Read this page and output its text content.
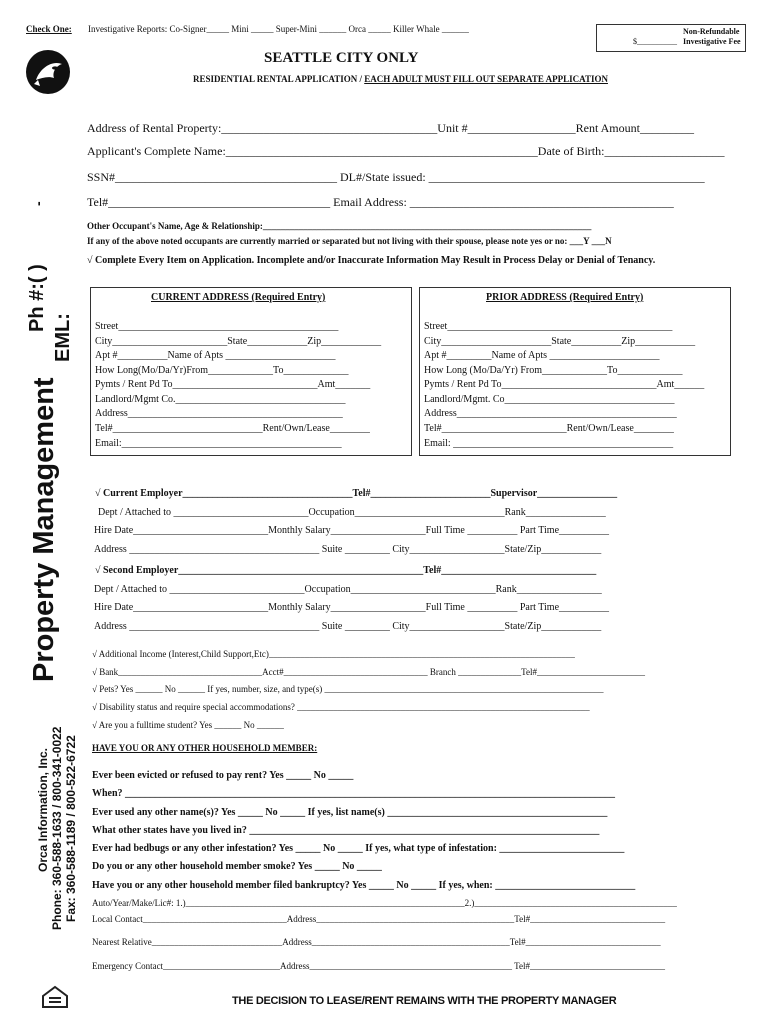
Check One: Investigative Reports: Co-Signer_____ Mini _____ Super-Mini ______ Orca _____ Killer Whale ______	Non-Refundable
$__________ Investigative Fee
SEATTLE CITY ONLY
RESIDENTIAL RENTAL APPLICATION / EACH ADULT MUST FILL OUT SEPARATE APPLICATION
Orca Information, Inc. Phone: 360-588-1633 / 800-341-0022 Fax: 360-588-1189 / 800-522-6722
Property Management
Ph #:( )
-
EML:
Address of Rental Property:____________________________________Unit #__________________Rent Amount_________
Applicant's Complete Name:____________________________________________________Date of Birth:____________________
SSN#_____________________________________ DL#/State issued: ______________________________________________
Tel#_____________________________________ Email Address: ____________________________________________
Other Occupant's Name, Age & Relationship:_________________________________________________________________________
If any of the above noted occupants are currently married or separated but not living with their spouse, please note yes or no: ___Y ___N
√ Complete Every Item on Application. Incomplete and/or Inaccurate Information May Result in Process Delay or Denial of Tenancy.
CURRENT ADDRESS (Required Entry)
Street____________________________________________
City_______________________State____________Zip____________
Apt #__________Name of Apts ______________________
How Long(Mo/Da/Yr)From_____________To_____________
Pymts / Rent Pd To_____________________________Amt_______
Landlord/Mgmt Co.__________________________________
Address___________________________________________
Tel#______________________________Rent/Own/Lease________
Email:____________________________________________
PRIOR ADDRESS (Required Entry)
Street_____________________________________________
City______________________State__________Zip____________
Apt #_________Name of Apts ______________________
How Long (Mo/Da/Yr) From_____________To_____________
Pymts / Rent Pd To_______________________________Amt______
Landlord/Mgmt. Co__________________________________
Address____________________________________________
Tel#_________________________Rent/Own/Lease________
Email: ____________________________________________
√ Current Employer__________________________________Tel#________________________Supervisor________________
Dept / Attached to ___________________________Occupation______________________________Rank________________
Hire Date___________________________Monthly Salary___________________Full Time __________ Part Time__________
Address ______________________________________ Suite _________ City___________________State/Zip____________
√ Second Employer_________________________________________________Tel#_______________________________
Dept / Attached to ___________________________Occupation_____________________________Rank_________________
Hire Date___________________________Monthly Salary___________________Full Time __________ Part Time__________
Address ______________________________________ Suite _________ City___________________State/Zip____________
√ Additional Income (Interest,Child Support,Etc)____________________________________________________________________
√ Bank________________________________Acct#________________________________ Branch ______________Tel#________________________
√ Pets? Yes ______ No ______ If yes, number, size, and type(s) ______________________________________________________________
√ Disability status and require special accommodations? _________________________________________________________________
√ Are you a fulltime student? Yes ______ No ______
HAVE YOU OR ANY OTHER HOUSEHOLD MEMBER:
Ever been evicted or refused to pay rent? Yes _____ No _____
When? __________________________________________________________________________________________________
Ever used any other name(s)? Yes _____ No _____ If yes, list name(s) ____________________________________________
What other states have you lived in? ______________________________________________________________________
Ever had bedbugs or any other infestation? Yes _____ No _____ If yes, what type of infestation: _________________________
Do you or any other household member smoke? Yes _____ No _____
Have you or any other household member filed bankruptcy? Yes _____ No _____ If yes, when: ____________________________
Auto/Year/Make/Lic#: 1.)______________________________________________________________2.)_____________________________________________
Local Contact________________________________Address____________________________________________Tel#______________________________
Nearest Relative_____________________________Address____________________________________________Tel#______________________________
Emergency Contact__________________________Address_____________________________________________ Tel#______________________________
THE DECISION TO LEASE/RENT REMAINS WITH THE PROPERTY MANAGER
